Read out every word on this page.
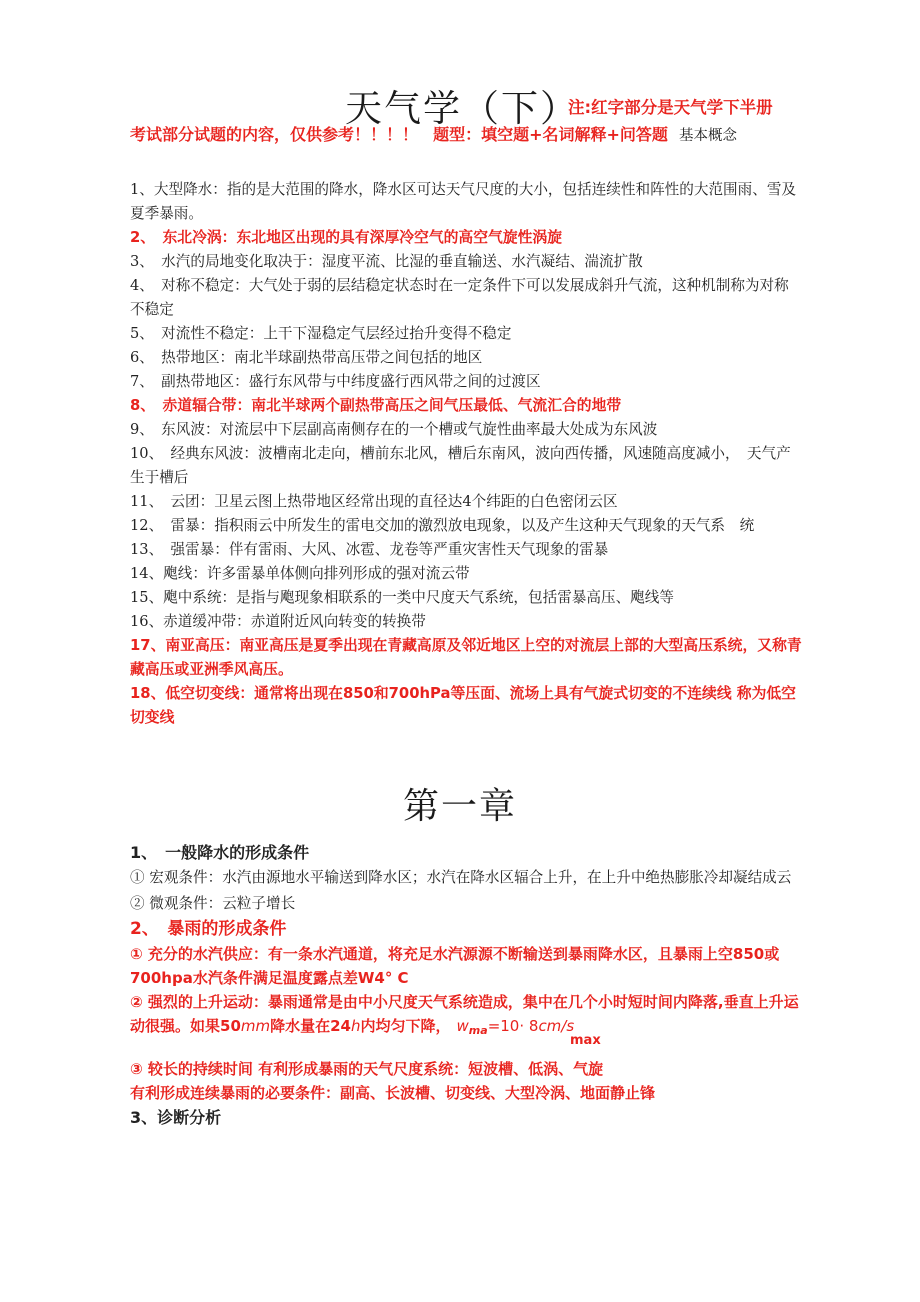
天气学（下）
注:红字部分是天气学下半册
考试部分试题的内容，仅供参考！！！！ 题型：填空题+名词解释+问答题 基本概念

1、大型降水：指的是大范围的降水，降水区可达天气尺度的大小，包括连续性和阵性的大范围雨、雪及夏季暴雨。

2、　东北冷涡：东北地区出现的具有深厚冷空气的高空气旋性涡旋

3、　水汽的局地变化取决于：湿度平流、比湿的垂直输送、水汽凝结、湍流扩散

4、　对称不稳定：大气处于弱的层结稳定状态时在一定条件下可以发展成斜升气流，这种机制称为对称不稳定

5、　对流性不稳定：上干下湿稳定气层经过抬升变得不稳定

6、　热带地区：南北半球副热带高压带之间包括的地区

7、　副热带地区：盛行东风带与中纬度盛行西风带之间的过渡区

8、　赤道辐合带：南北半球两个副热带高压之间气压最低、气流汇合的地带

9、　东风波：对流层中下层副高南侧存在的一个槽或气旋性曲率最大处成为东风波

10、　经典东风波：波槽南北走向，槽前东北风，槽后东南风，波向西传播，风速随高度减小，　天气产生于槽后

11、　云团：卫星云图上热带地区经常出现的直径达4个纬距的白色密闭云区

12、　雷暴：指积雨云中所发生的雷电交加的激烈放电现象，以及产生这种天气现象的天气系　统

13、　强雷暴：伴有雷雨、大风、冰雹、龙卷等严重灾害性天气现象的雷暴

14、飑线：许多雷暴单体侧向排列形成的强对流云带

15、飑中系统：是指与飑现象相联系的一类中尺度天气系统，包括雷暴高压、飑线等

16、赤道缓冲带：赤道附近风向转变的转换带

17、南亚高压：南亚高压是夏季出现在青藏高原及邻近地区上空的对流层上部的大型高压系统，又称青藏高压或亚洲季风高压。

18、低空切变线：通常将出现在850和700hPa等压面、流场上具有气旋式切变的不连续线 称为低空切变线

第一章

1、　一般降水的形成条件

① 宏观条件：水汽由源地水平输送到降水区；水汽在降水区辐合上升，在上升中绝热膨胀冷却凝结成云

② 微观条件：云粒子增长

2、　暴雨的形成条件

① 充分的水汽供应：有一条水汽通道，将充足水汽源源不断输送到暴雨降水区，且暴雨上空850或700hpa水汽条件满足温度露点差W4° C

② 强烈的上升运动：暴雨通常是由中小尺度天气系统造成，集中在几个小时短时间内降落,垂直上升运动很强。如果50mm降水量在24h内均匀下降， $w_{ma}=10\cdot 8cm/s$

max

③ 较长的持续时间 有利形成暴雨的天气尺度系统：短波槽、低涡、气旋

有利形成连续暴雨的必要条件：副高、长波槽、切变线、大型冷涡、地面静止锋

3、诊断分析
